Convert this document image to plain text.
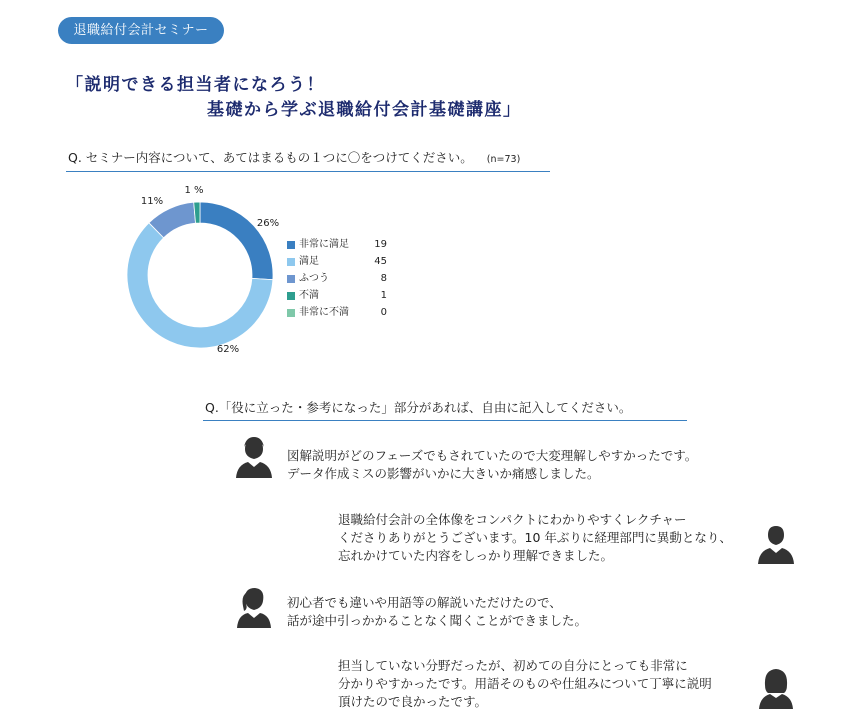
退職給付会計セミナー
「説明できる担当者になろう！
基礎から学ぶ退職給付会計基礎講座」
Q. セミナー内容について、あてはまるもの１つに〇をつけてください。 (n=73)
26%
62%
11%
1 %
非常に満足	19
満足	45
ふつう	8
不満	1
非常に不満	0
Q.「役に立った・参考になった」部分があれば、自由に記入してください。
図解説明がどのフェーズでもされていたので大変理解しやすかったです。
データ作成ミスの影響がいかに大きいか痛感しました。
退職給付会計の全体像をコンパクトにわかりやすくレクチャー
くださりありがとうございます。10 年ぶりに経理部門に異動となり、
忘れかけていた内容をしっかり理解できました。
初心者でも違いや用語等の解説いただけたので、
話が途中引っかかることなく聞くことができました。
担当していない分野だったが、初めての自分にとっても非常に
分かりやすかったです。用語そのものや仕組みについて丁寧に説明
頂けたので良かったです。
